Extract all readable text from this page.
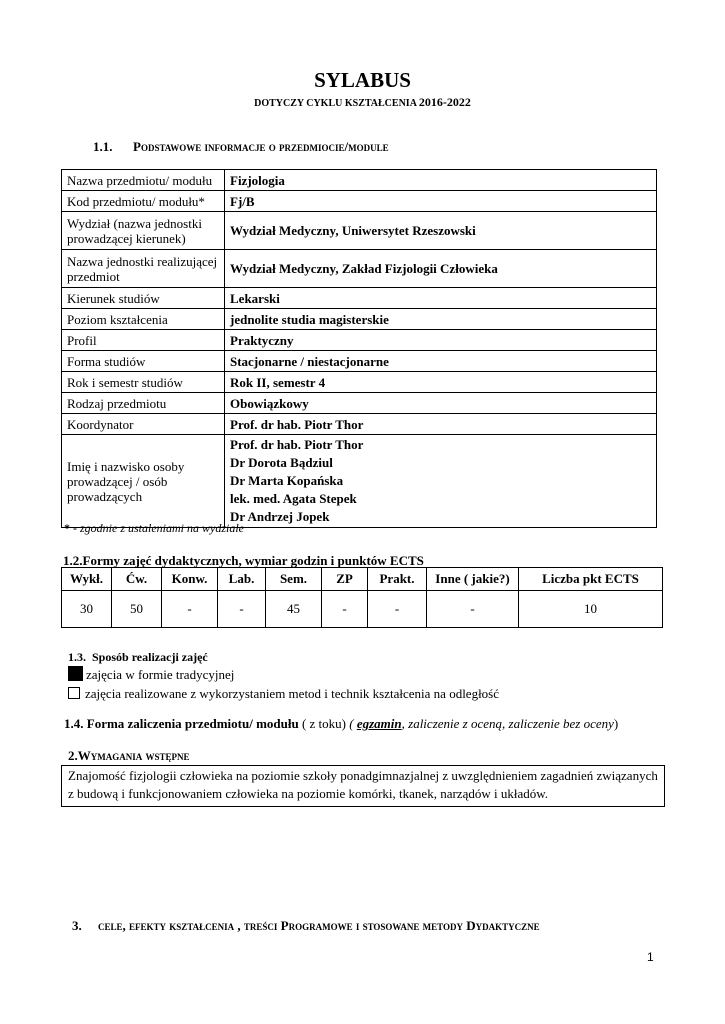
SYLABUS
DOTYCZY CYKLU KSZTAŁCENIA 2016-2022
1.1. Podstawowe informacje o przedmiocie/module
Nazwa przedmiotu/ modułu	Fizjologia
Kod przedmiotu/ modułu*	Fj/B
Wydział (nazwa jednostki prowadzącej kierunek)	Wydział Medyczny, Uniwersytet Rzeszowski
Nazwa jednostki realizującej przedmiot	Wydział Medyczny, Zakład Fizjologii Człowieka
Kierunek studiów	Lekarski
Poziom kształcenia	jednolite studia magisterskie
Profil	Praktyczny
Forma studiów	Stacjonarne / niestacjonarne
Rok i semestr studiów	Rok II, semestr 4
Rodzaj przedmiotu	Obowiązkowy
Koordynator	Prof. dr hab. Piotr Thor
Imię i nazwisko osoby prowadzącej / osób prowadzących	Prof. dr hab. Piotr Thor
Dr Dorota Bądziul
Dr Marta Kopańska
lek. med. Agata Stepek
Dr Andrzej Jopek
* - zgodnie z ustaleniami na wydziale
1.2.Formy zajęć dydaktycznych, wymiar godzin i punktów ECTS
Wykł.	Ćw.	Konw.	Lab.	Sem.	ZP	Prakt.	Inne ( jakie?)	Liczba pkt ECTS
30	50	-	-	45	-	-	-	10
1.3. Sposób realizacji zajęć
zajęcia w formie tradycyjnej
zajęcia realizowane z wykorzystaniem metod i technik kształcenia na odległość
1.4. Forma zaliczenia przedmiotu/ modułu ( z toku) ( egzamin, zaliczenie z oceną, zaliczenie bez oceny)
2.Wymagania wstępne
Znajomość fizjologii człowieka na poziomie szkoły ponadgimnazjalnej z uwzględnieniem zagadnień związanych z budową i funkcjonowaniem człowieka na poziomie komórki, tkanek, narządów i układów.
3. cele, efekty kształcenia , treści Programowe i stosowane metody Dydaktyczne
1
